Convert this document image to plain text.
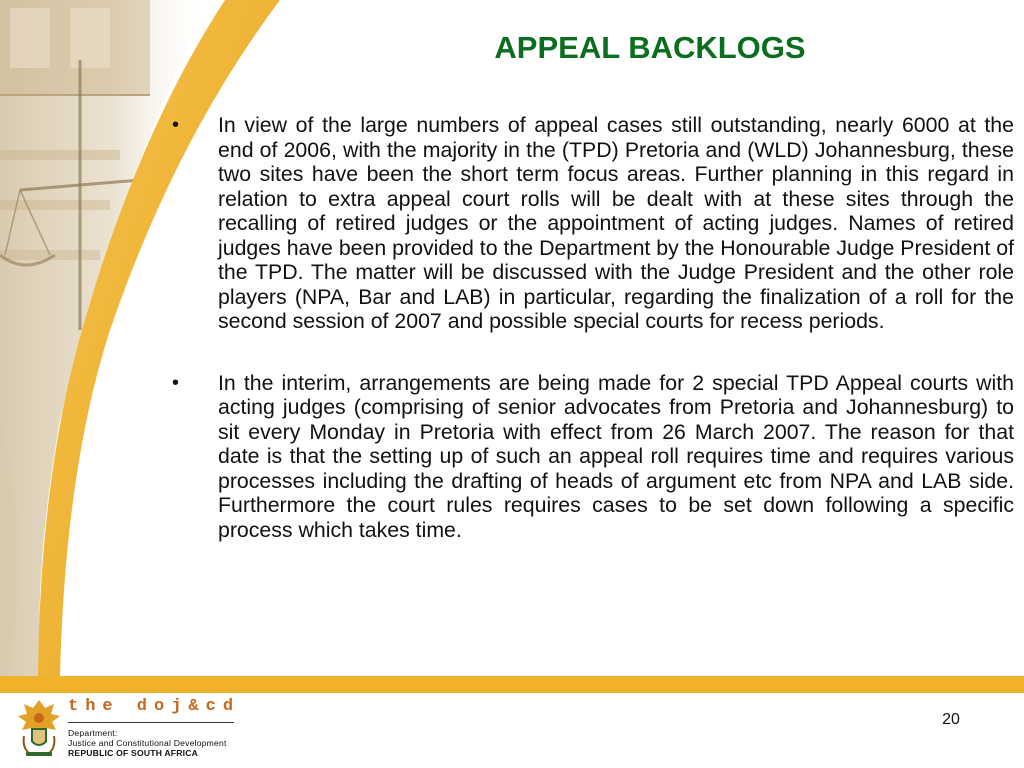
APPEAL BACKLOGS
•	In view of the large numbers of appeal cases still outstanding, nearly 6000 at the end of 2006, with the majority in the (TPD) Pretoria and (WLD) Johannesburg, these two sites have been the short term focus areas. Further planning in this regard in relation to extra appeal court rolls will be dealt with at these sites through the recalling of retired judges or the appointment of acting judges. Names of retired judges have been provided to the Department by the Honourable Judge President of the TPD. The matter will be discussed with the Judge President and the other role players (NPA, Bar and LAB) in particular, regarding the finalization of a roll for the second session of 2007 and possible special courts for recess periods.
•	In the interim, arrangements are being made for 2 special TPD Appeal courts with acting judges (comprising of senior advocates from Pretoria and Johannesburg) to sit every Monday in Pretoria with effect from 26 March 2007. The reason for that date is that the setting up of such an appeal roll requires time and requires various processes including the drafting of heads of argument etc from NPA and LAB side. Furthermore the court rules requires cases to be set down following a specific process which takes time.
the doj&cd
Department:
Justice and Constitutional Development
REPUBLIC OF SOUTH AFRICA
20
